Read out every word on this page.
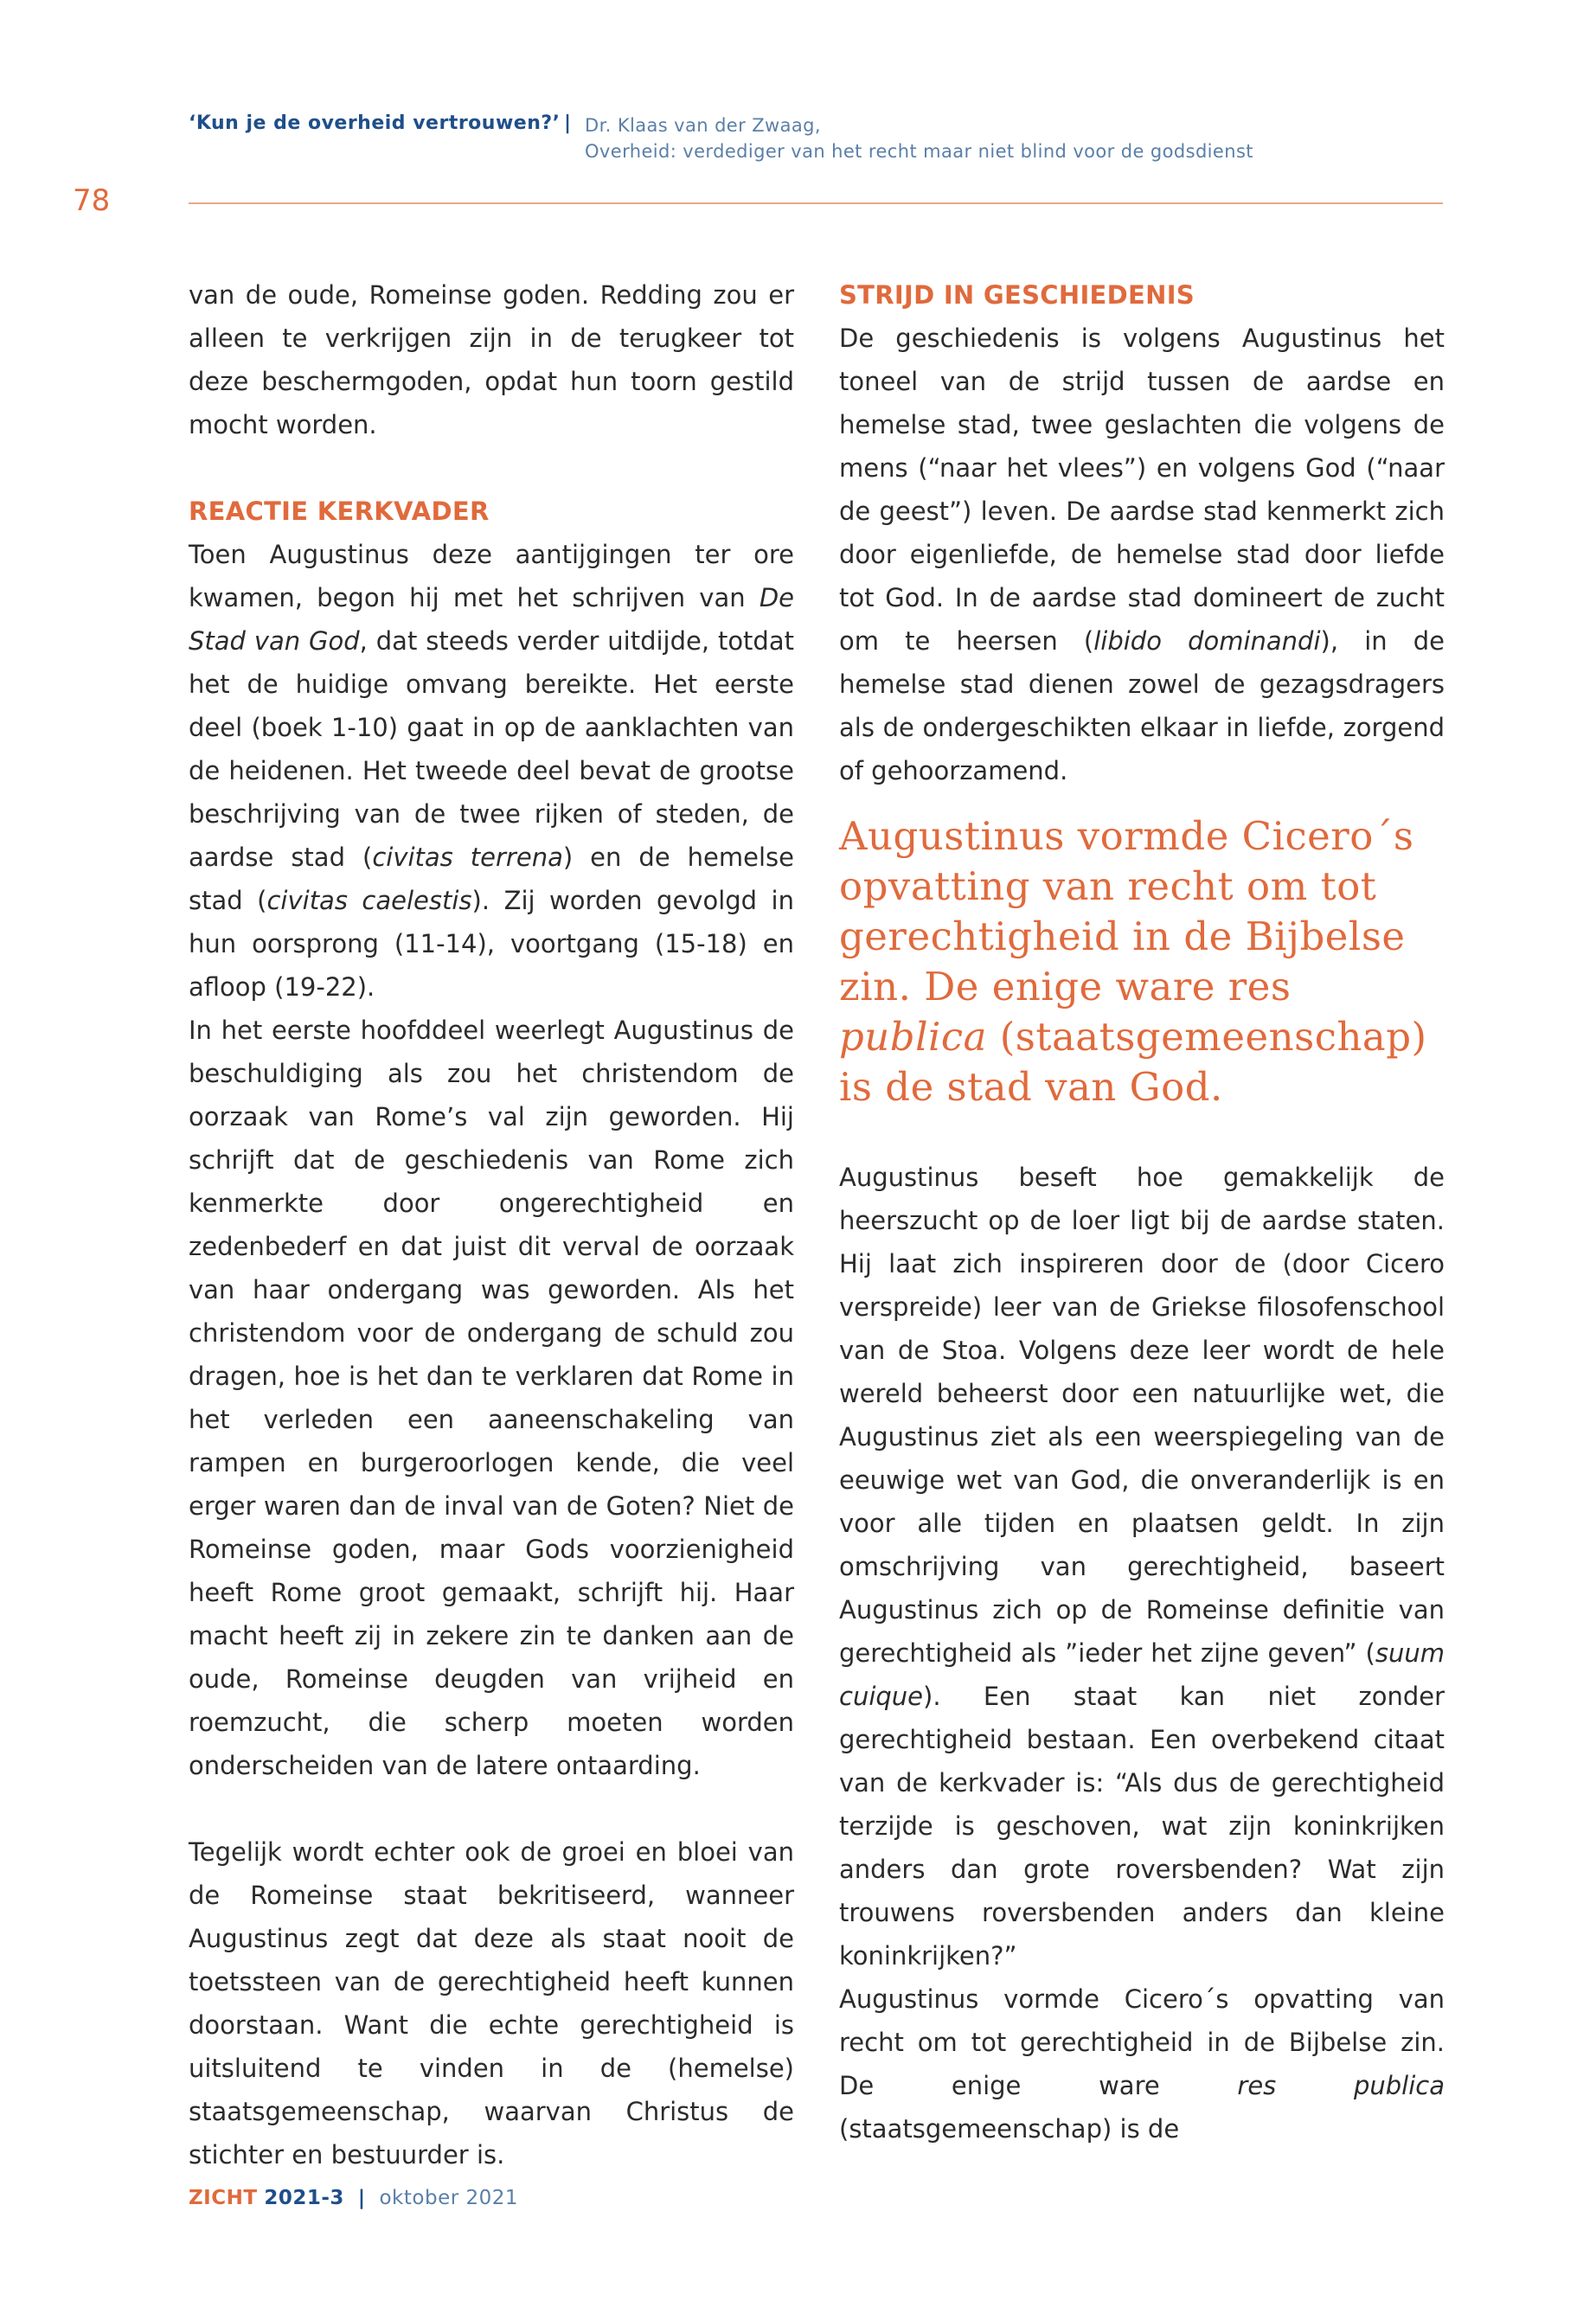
‘Kun je de overheid vertrouwen?’ | Dr. Klaas van der Zwaag,
Overheid: verdediger van het recht maar niet blind voor de godsdienst
78

van de oude, Romeinse goden. Redding zou er alleen te verkrijgen zijn in de terugkeer tot deze beschermgoden, opdat hun toorn gestild mocht worden.

REACTIE KERKVADER

Toen Augustinus deze aantijgingen ter ore kwamen, begon hij met het schrijven van De Stad van God, dat steeds verder uitdijde, totdat het de huidige omvang bereikte. Het eerste deel (boek 1-10) gaat in op de aanklachten van de heidenen. Het tweede deel bevat de grootse beschrijving van de twee rijken of steden, de aardse stad (civitas terrena) en de hemelse stad (civitas caelestis). Zij worden gevolgd in hun oorsprong (11-14), voortgang (15-18) en afloop (19-22).

In het eerste hoofddeel weerlegt Augustinus de beschuldiging als zou het christendom de oorzaak van Rome’s val zijn geworden. Hij schrijft dat de geschiedenis van Rome zich kenmerkte door ongerechtigheid en zedenbederf en dat juist dit verval de oorzaak van haar ondergang was geworden. Als het christendom voor de ondergang de schuld zou dragen, hoe is het dan te verklaren dat Rome in het verleden een aaneenschakeling van rampen en burgeroorlogen kende, die veel erger waren dan de inval van de Goten? Niet de Romeinse goden, maar Gods voorzienigheid heeft Rome groot gemaakt, schrijft hij. Haar macht heeft zij in zekere zin te danken aan de oude, Romeinse deugden van vrijheid en roemzucht, die scherp moeten worden onderscheiden van de latere ontaarding.

Tegelijk wordt echter ook de groei en bloei van de Romeinse staat bekritiseerd, wanneer Augustinus zegt dat deze als staat nooit de toetssteen van de gerechtigheid heeft kunnen doorstaan. Want die echte gerechtigheid is uitsluitend te vinden in de (hemelse) staatsgemeenschap, waarvan Christus de stichter en bestuurder is.

STRIJD IN GESCHIEDENIS

De geschiedenis is volgens Augustinus het toneel van de strijd tussen de aardse en hemelse stad, twee geslachten die volgens de mens (“naar het vlees”) en volgens God (“naar de geest”) leven. De aardse stad kenmerkt zich door eigenliefde, de hemelse stad door liefde tot God. In de aardse stad domineert de zucht om te heersen (libido dominandi), in de hemelse stad dienen zowel de gezagsdragers als de ondergeschikten elkaar in liefde, zorgend of gehoorzamend.

Augustinus vormde Cicero´s opvatting van recht om tot gerechtigheid in de Bijbelse zin. De enige ware res publica (staatsgemeenschap) is de stad van God.

Augustinus beseft hoe gemakkelijk de heerszucht op de loer ligt bij de aardse staten. Hij laat zich inspireren door de (door Cicero verspreide) leer van de Griekse filosofenschool van de Stoa. Volgens deze leer wordt de hele wereld beheerst door een natuurlijke wet, die Augustinus ziet als een weerspiegeling van de eeuwige wet van God, die onveranderlijk is en voor alle tijden en plaatsen geldt. In zijn omschrijving van gerechtigheid, baseert Augustinus zich op de Romeinse definitie van gerechtigheid als ”ieder het zijne geven” (suum cuique). Een staat kan niet zonder gerechtigheid bestaan. Een overbekend citaat van de kerkvader is: “Als dus de gerechtigheid terzijde is geschoven, wat zijn koninkrijken anders dan grote roversbenden? Wat zijn trouwens roversbenden anders dan kleine koninkrijken?”

Augustinus vormde Cicero´s opvatting van recht om tot gerechtigheid in de Bijbelse zin. De enige ware res publica (staatsgemeenschap) is de

ZICHT 2021-3 | oktober 2021
